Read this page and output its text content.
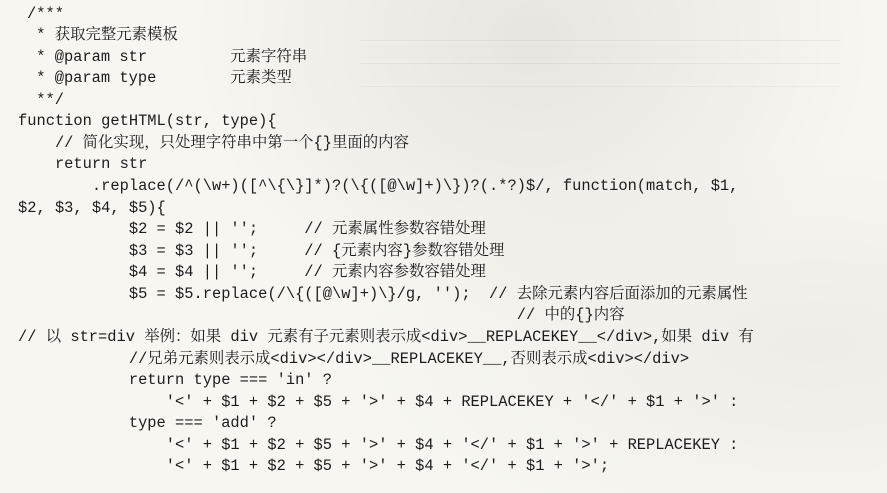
/***
* 获取完整元素模板
* @param str         元素字符串
* @param type        元素类型
**/
function getHTML(str, type){
// 简化实现，只处理字符串中第一个{}里面的内容
return str
.replace(/^(\w+)([^\{\}]*)?(\{([@\w]+)\})?(.*?)$/, function(match, $1,
$2, $3, $4, $5){
$2 = $2 || '';     // 元素属性参数容错处理
$3 = $3 || '';     // {元素内容}参数容错处理
$4 = $4 || '';     // 元素内容参数容错处理
$5 = $5.replace(/\{([@\w]+)\}/g, '');  // 去除元素内容后面添加的元素属性
// 中的{}内容
// 以 str=div 举例：如果 div 元素有子元素则表示成<div>__REPLACEKEY__</div>,如果 div 有
//兄弟元素则表示成<div></div>__REPLACEKEY__,否则表示成<div></div>
return type === 'in' ?
'<' + $1 + $2 + $5 + '>' + $4 + REPLACEKEY + '</' + $1 + '>' :
type === 'add' ?
'<' + $1 + $2 + $5 + '>' + $4 + '</' + $1 + '>' + REPLACEKEY :
'<' + $1 + $2 + $5 + '>' + $4 + '</' + $1 + '>';
